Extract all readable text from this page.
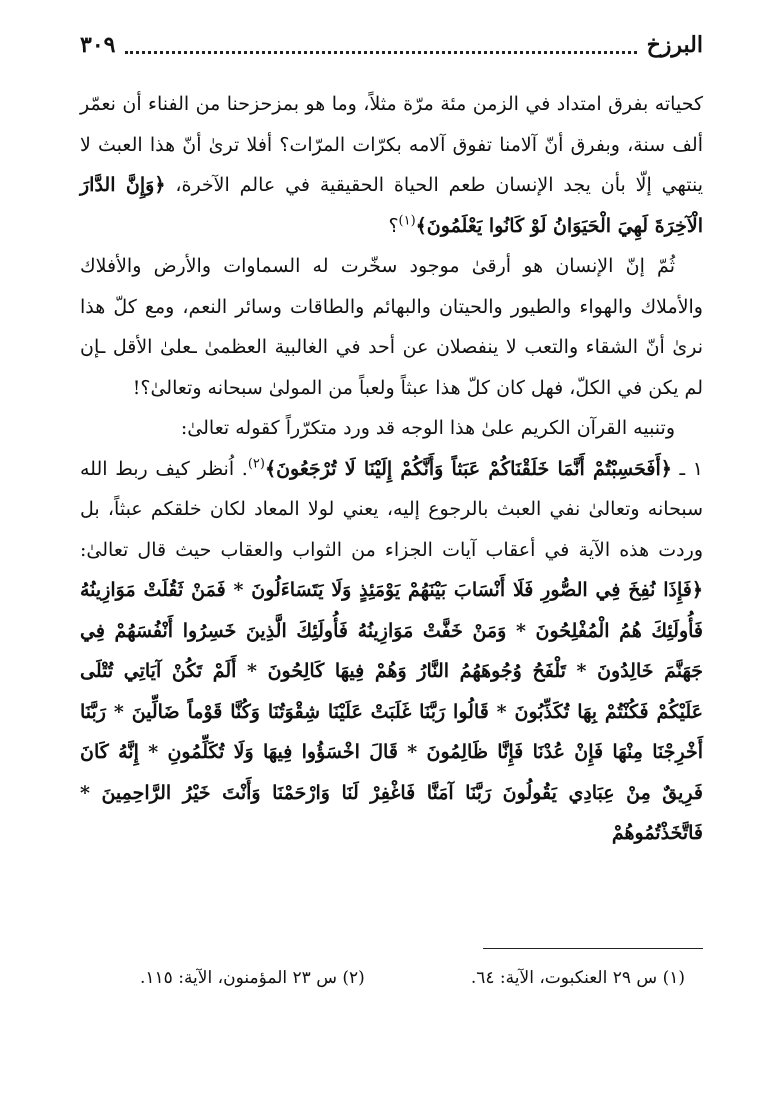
البرزخ
٣٠٩

كحياته بفرق امتداد في الزمن مئة مرّة مثلاً، وما هو بمزحزحنا من الفناء أن نعمّر ألف سنة، وبفرق أنّ آلامنا تفوق آلامه بكرّات المرّات؟ أفلا ترىٰ أنّ هذا العبث لا ينتهي إلّا بأن يجد الإنسان طعم الحياة الحقيقية في عالم الآخرة، ﴿وَإِنَّ الدَّارَ الْآخِرَةَ لَهِيَ الْحَيَوَانُ لَوْ كَانُوا يَعْلَمُونَ﴾$^{(١)}$؟

ثُمّ إنّ الإنسان هو أرقىٰ موجود سخّرت له السماوات والأرض والأفلاك والأملاك والهواء والطيور والحيتان والبهائم والطاقات وسائر النعم، ومع كلّ هذا نرىٰ أنّ الشقاء والتعب لا ينفصلان عن أحد في الغالبية العظمىٰ ـعلىٰ الأقل ـإن لم يكن في الكلّ، فهل كان كلّ هذا عبثاً ولعباً من المولىٰ سبحانه وتعالىٰ؟!

وتنبيه القرآن الكريم علىٰ هذا الوجه قد ورد متكرّراً كقوله تعالىٰ:

١ ـ ﴿أَفَحَسِبْتُمْ أَنَّمَا خَلَقْنَاكُمْ عَبَثاً وَأَنَّكُمْ إِلَيْنَا لَا تُرْجَعُونَ﴾$^{(٢)}$. اُنظر كيف ربط الله سبحانه وتعالىٰ نفي العبث بالرجوع إليه، يعني لولا المعاد لكان خلقكم عبثاً، بل وردت هذه الآية في أعقاب آيات الجزاء من الثواب والعقاب حيث قال تعالىٰ: ﴿فَإِذَا نُفِخَ فِي الصُّورِ فَلَا أَنْسَابَ بَيْنَهُمْ يَوْمَئِذٍ وَلَا يَتَسَاءَلُونَ * فَمَنْ ثَقُلَتْ مَوَازِينُهُ فَأُولَئِكَ هُمُ الْمُفْلِحُونَ * وَمَنْ خَفَّتْ مَوَازِينُهُ فَأُولَئِكَ الَّذِينَ خَسِرُوا أَنْفُسَهُمْ فِي جَهَنَّمَ خَالِدُونَ * تَلْفَحُ وُجُوهَهُمُ النَّارُ وَهُمْ فِيهَا كَالِحُونَ * أَلَمْ تَكُنْ آيَاتِي تُتْلَى عَلَيْكُمْ فَكُنْتُمْ بِهَا تُكَذِّبُونَ * قَالُوا رَبَّنَا غَلَبَتْ عَلَيْنَا شِقْوَتُنَا وَكُنَّا قَوْماً ضَالِّينَ * رَبَّنَا أَخْرِجْنَا مِنْهَا فَإِنْ عُدْنَا فَإِنَّا ظَالِمُونَ * قَالَ اخْسَؤُوا فِيهَا وَلَا تُكَلِّمُونِ * إِنَّهُ كَانَ فَرِيقٌ مِنْ عِبَادِي يَقُولُونَ رَبَّنَا آمَنَّا فَاغْفِرْ لَنَا وَارْحَمْنَا وَأَنْتَ خَيْرُ الرَّاحِمِينَ * فَاتَّخَذْتُمُوهُمْ

(١) س ٢٩ العنكبوت، الآية: ٦٤.
(٢) س ٢٣ المؤمنون، الآية: ١١٥.
